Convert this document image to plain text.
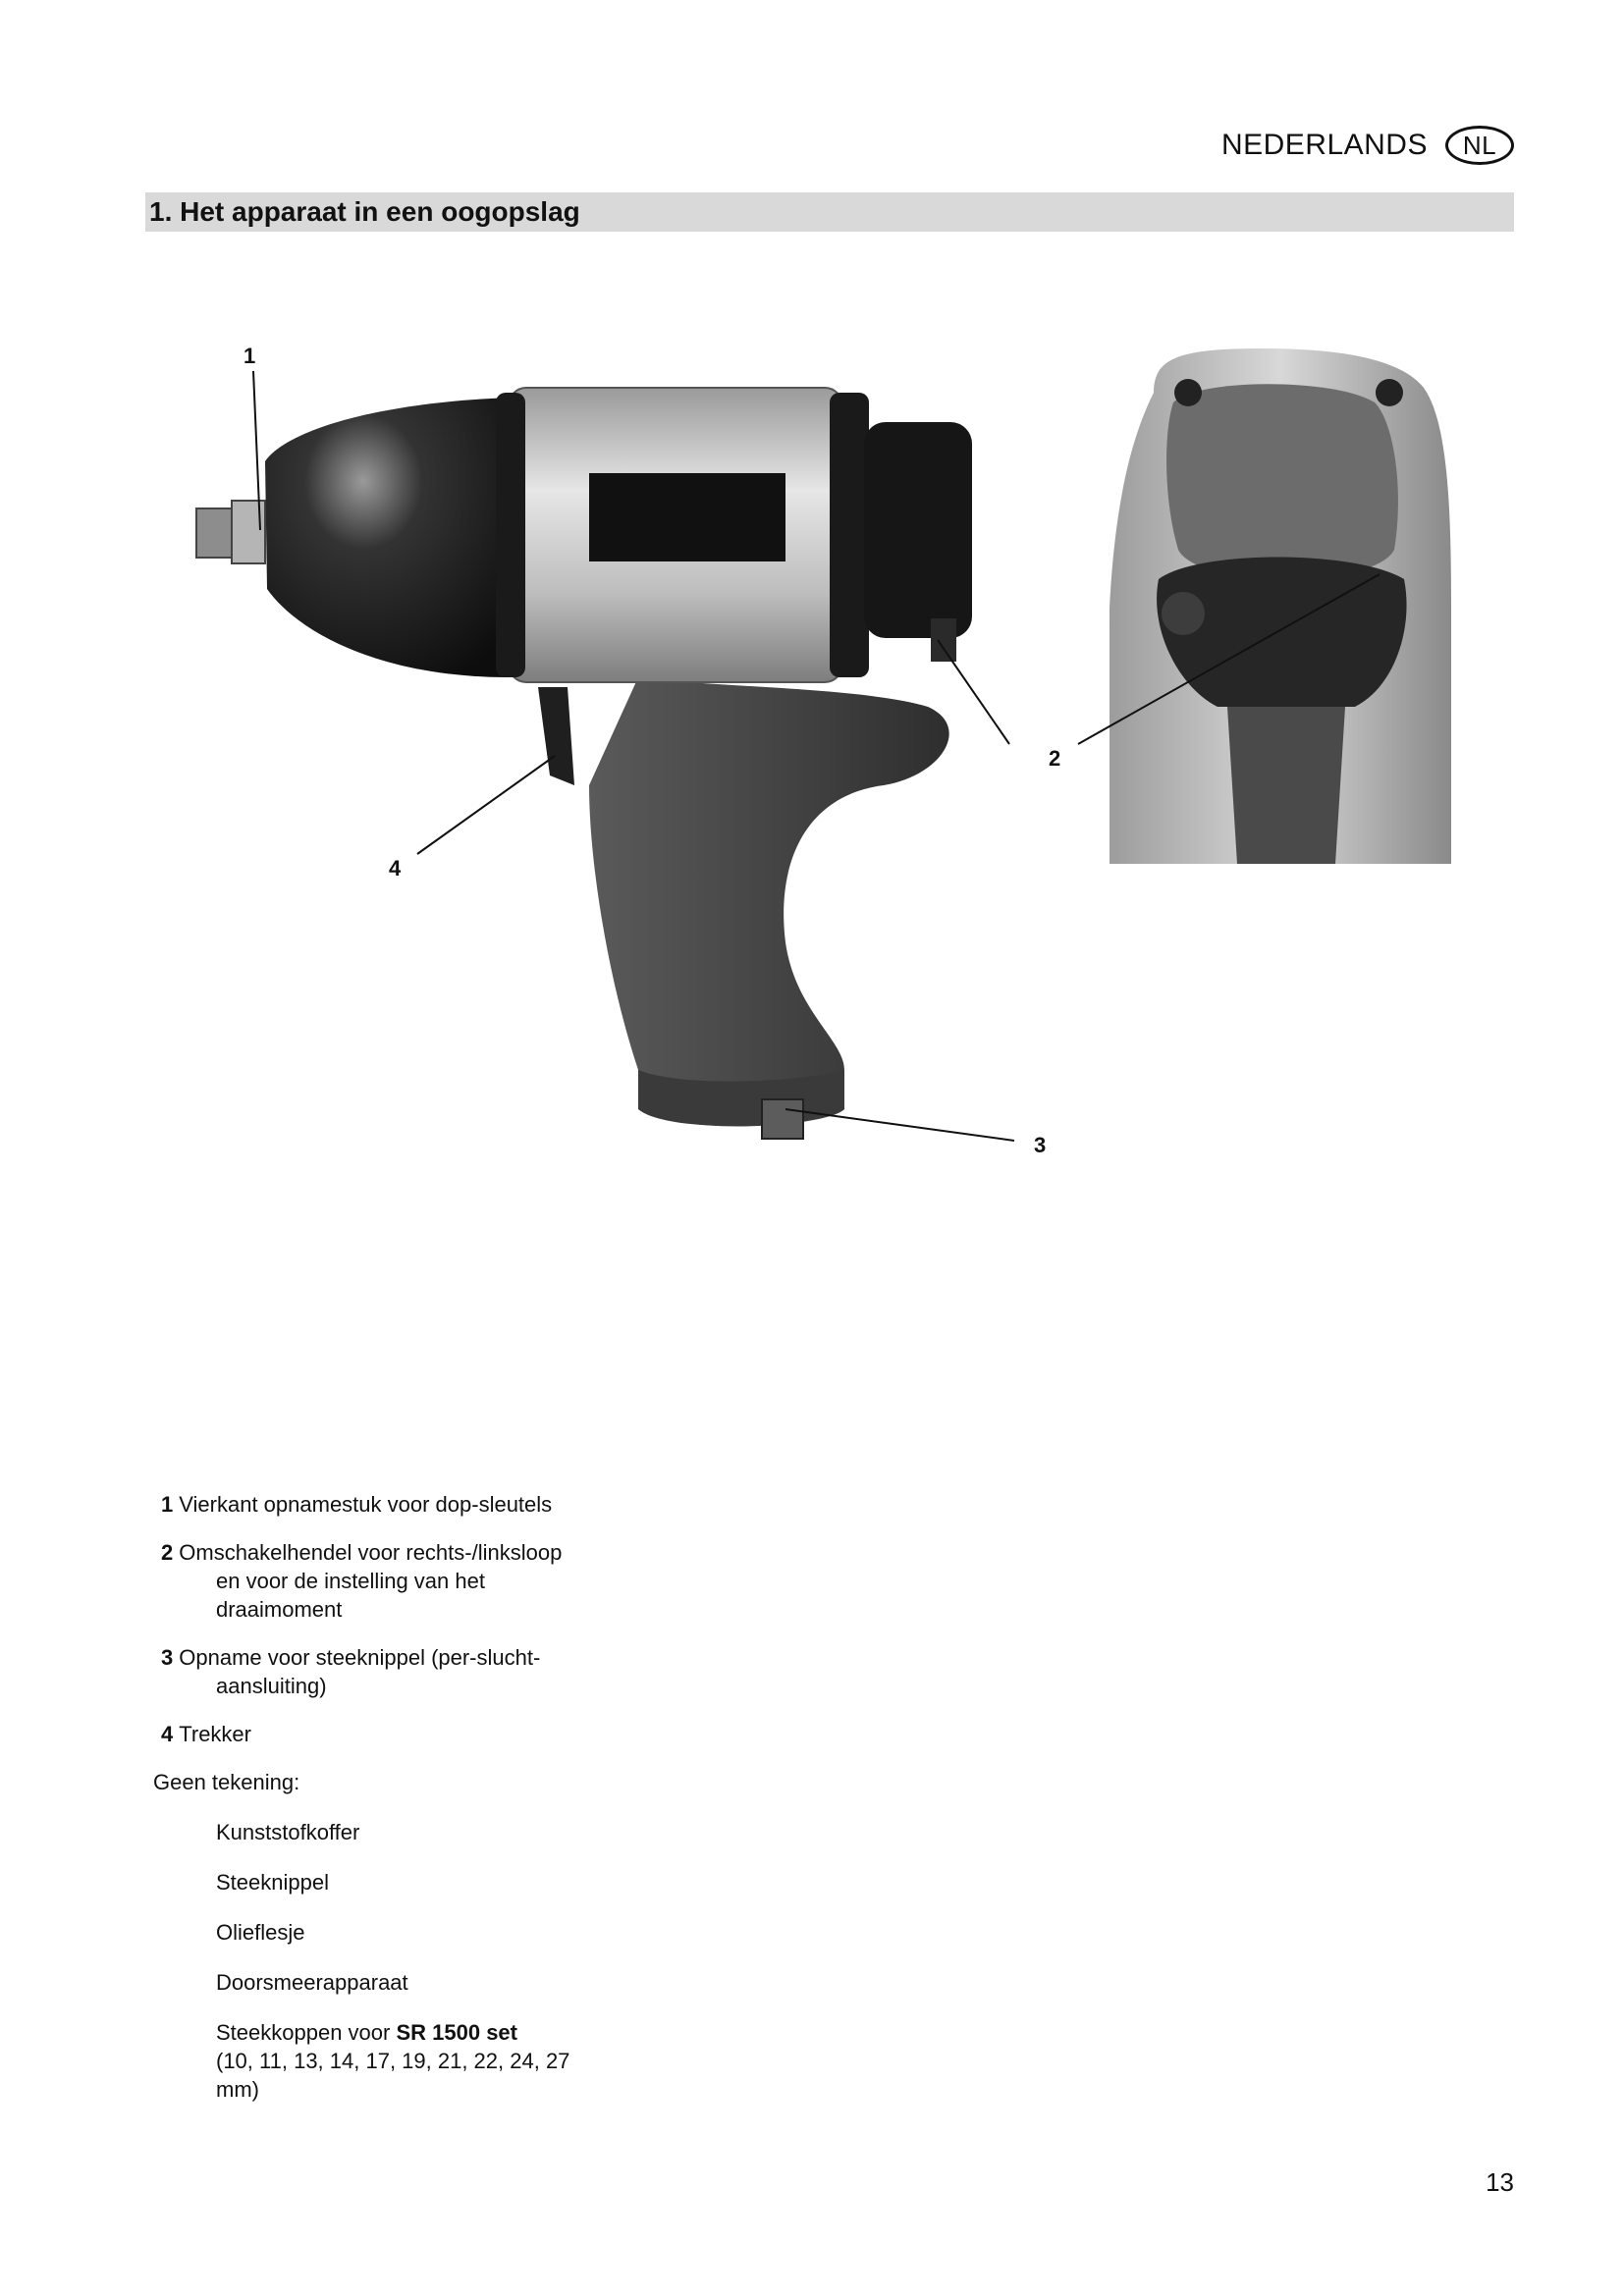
NEDERLANDS	NL
1. Het apparaat in een oogopslag
1
2
3
4
1 Vierkant opnamestuk voor dop-sleutels
2 Omschakelhendel voor rechts-/linksloop en voor de instelling van het draaimoment
3 Opname voor steeknippel (per-slucht-aansluiting)
4 Trekker
Geen tekening:
Kunststofkoffer
Steeknippel
Olieflesje
Doorsmeerapparaat
Steekkoppen voor SR 1500 set
(10, 11, 13, 14, 17, 19, 21, 22, 24, 27 mm)
13
